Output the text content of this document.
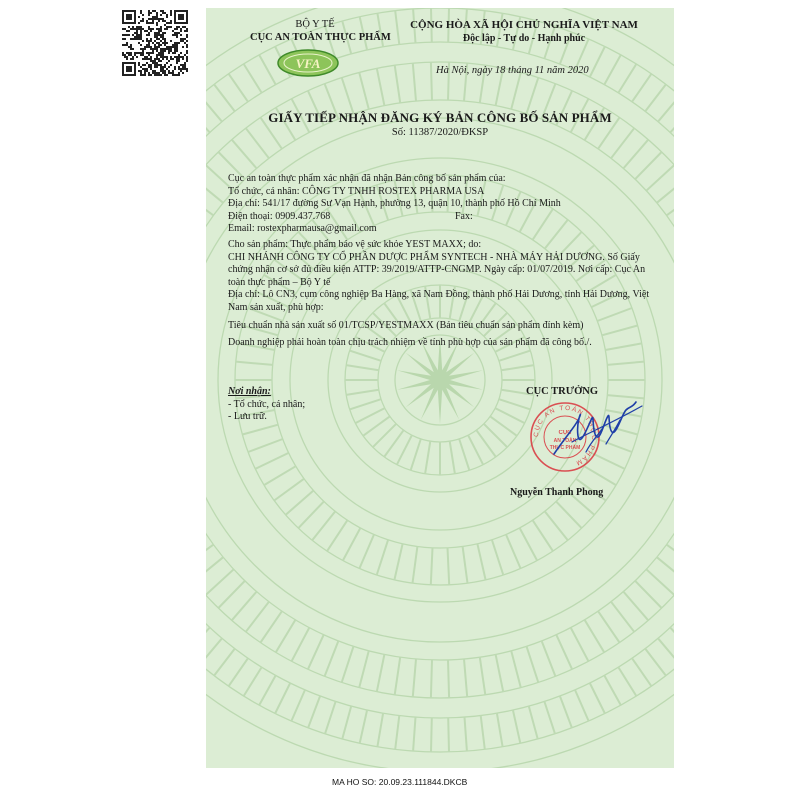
BỘ Y TẾ
CỤC AN TOÀN THỰC PHẨM
VFA
CỘNG HÒA XÃ HỘI CHỦ NGHĨA VIỆT NAM
Độc lập - Tự do - Hạnh phúc
Hà Nội, ngày 18 tháng 11 năm 2020
GIẤY TIẾP NHẬN ĐĂNG KÝ BẢN CÔNG BỐ SẢN PHẨM
Số: 11387/2020/ĐKSP
Cục an toàn thực phẩm xác nhận đã nhận Bản công bố sản phẩm của:
Tổ chức, cá nhân: CÔNG TY TNHH ROSTEX PHARMA USA
Địa chỉ: 541/17 đường Sư Vạn Hạnh, phường 13, quận 10, thành phố Hồ Chí Minh
Điện thoại: 0909.437.768	Fax:
Email: rostexpharmausa@gmail.com
Cho sản phẩm: Thực phẩm bảo vệ sức khỏe YEST MAXX; do:
CHI NHÁNH CÔNG TY CỔ PHẦN DƯỢC PHẨM SYNTECH - NHÀ MÁY HẢI DƯƠNG. Số Giấy chứng nhận cơ sở đủ điều kiện ATTP: 39/2019/ATTP-CNGMP. Ngày cấp: 01/07/2019. Nơi cấp: Cục An toàn thực phẩm – Bộ Y tế
Địa chỉ: Lô CN3, cụm công nghiệp Ba Hàng, xã Nam Đồng, thành phố Hải Dương, tỉnh Hải Dương, Việt Nam sản xuất, phù hợp:
Tiêu chuẩn nhà sản xuất số 01/TCSP/YESTMAXX (Bản tiêu chuẩn sản phẩm đính kèm)
Doanh nghiệp phải hoàn toàn chịu trách nhiệm về tính phù hợp của sản phẩm đã công bố./.
Nơi nhận:
- Tổ chức, cá nhân;
- Lưu trữ.
CỤC TRƯỞNG
CỤC AN TOÀN THỰC PHẨM
CỤC
AN TOÀN
THỰC PHẨM
Nguyễn Thanh Phong
MA HO SO: 20.09.23.111844.DKCB
